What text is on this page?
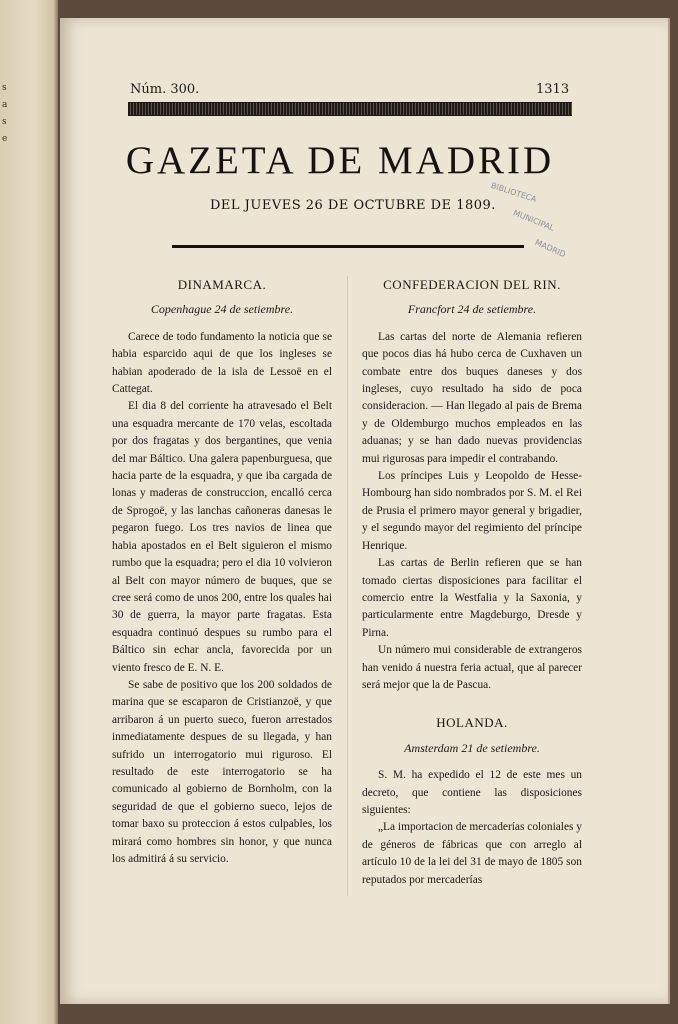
s a s e
Núm. 300.	1313
GAZETA DE MADRID
DEL JUEVES 26 DE OCTUBRE DE 1809.
BIBLIOTECA
MUNICIPAL
MADRID
DINAMARCA.
Copenhague 24 de setiembre.

Carece de todo fundamento la noticia que se habia esparcido aqui de que los ingleses se habian apoderado de la isla de Lessoë en el Cattegat.

El dia 8 del corriente ha atravesado el Belt una esquadra mercante de 170 velas, escoltada por dos fragatas y dos bergantines, que venia del mar Báltico. Una galera papenburguesa, que hacia parte de la esquadra, y que iba cargada de lonas y maderas de construccion, encalló cerca de Sprogoë, y las lanchas cañoneras danesas le pegaron fuego. Los tres navios de linea que habia apostados en el Belt siguieron el mismo rumbo que la esquadra; pero el dia 10 volvieron al Belt con mayor número de buques, que se cree será como de unos 200, entre los quales hai 30 de guerra, la mayor parte fragatas. Esta esquadra continuó despues su rumbo para el Báltico sin echar ancla, favorecida por un viento fresco de E. N. E.

Se sabe de positivo que los 200 soldados de marina que se escaparon de Cristianzoë, y que arribaron á un puerto sueco, fueron arrestados inmediatamente despues de su llegada, y han sufrido un interrogatorio mui riguroso. El resultado de este interrogatorio se ha comunicado al gobierno de Bornholm, con la seguridad de que el gobierno sueco, lejos de tomar baxo su proteccion á estos culpables, los mirará como hombres sin honor, y que nunca los admitirá á su servicio.

CONFEDERACION DEL RIN.
Francfort 24 de setiembre.

Las cartas del norte de Alemania refieren que pocos dias há hubo cerca de Cuxhaven un combate entre dos buques daneses y dos ingleses, cuyo resultado ha sido de poca consideracion. — Han llegado al pais de Brema y de Oldemburgo muchos empleados en las aduanas; y se han dado nuevas providencias mui rigurosas para impedir el contrabando.

Los príncipes Luis y Leopoldo de Hesse-Hombourg han sido nombrados por S. M. el Rei de Prusia el primero mayor general y brigadier, y el segundo mayor del regimiento del príncipe Henrique.

Las cartas de Berlin refieren que se han tomado ciertas disposiciones para facilitar el comercio entre la Westfalia y la Saxonia, y particularmente entre Magdeburgo, Dresde y Pirna.

Un número mui considerable de extrangeros han venido á nuestra feria actual, que al parecer será mejor que la de Pascua.

HOLANDA.
Amsterdam 21 de setiembre.

S. M. ha expedido el 12 de este mes un decreto, que contiene las disposiciones siguientes:

„La importacion de mercaderías coloniales y de géneros de fábricas que con arreglo al artículo 10 de la lei del 31 de mayo de 1805 son reputados por mercaderías
